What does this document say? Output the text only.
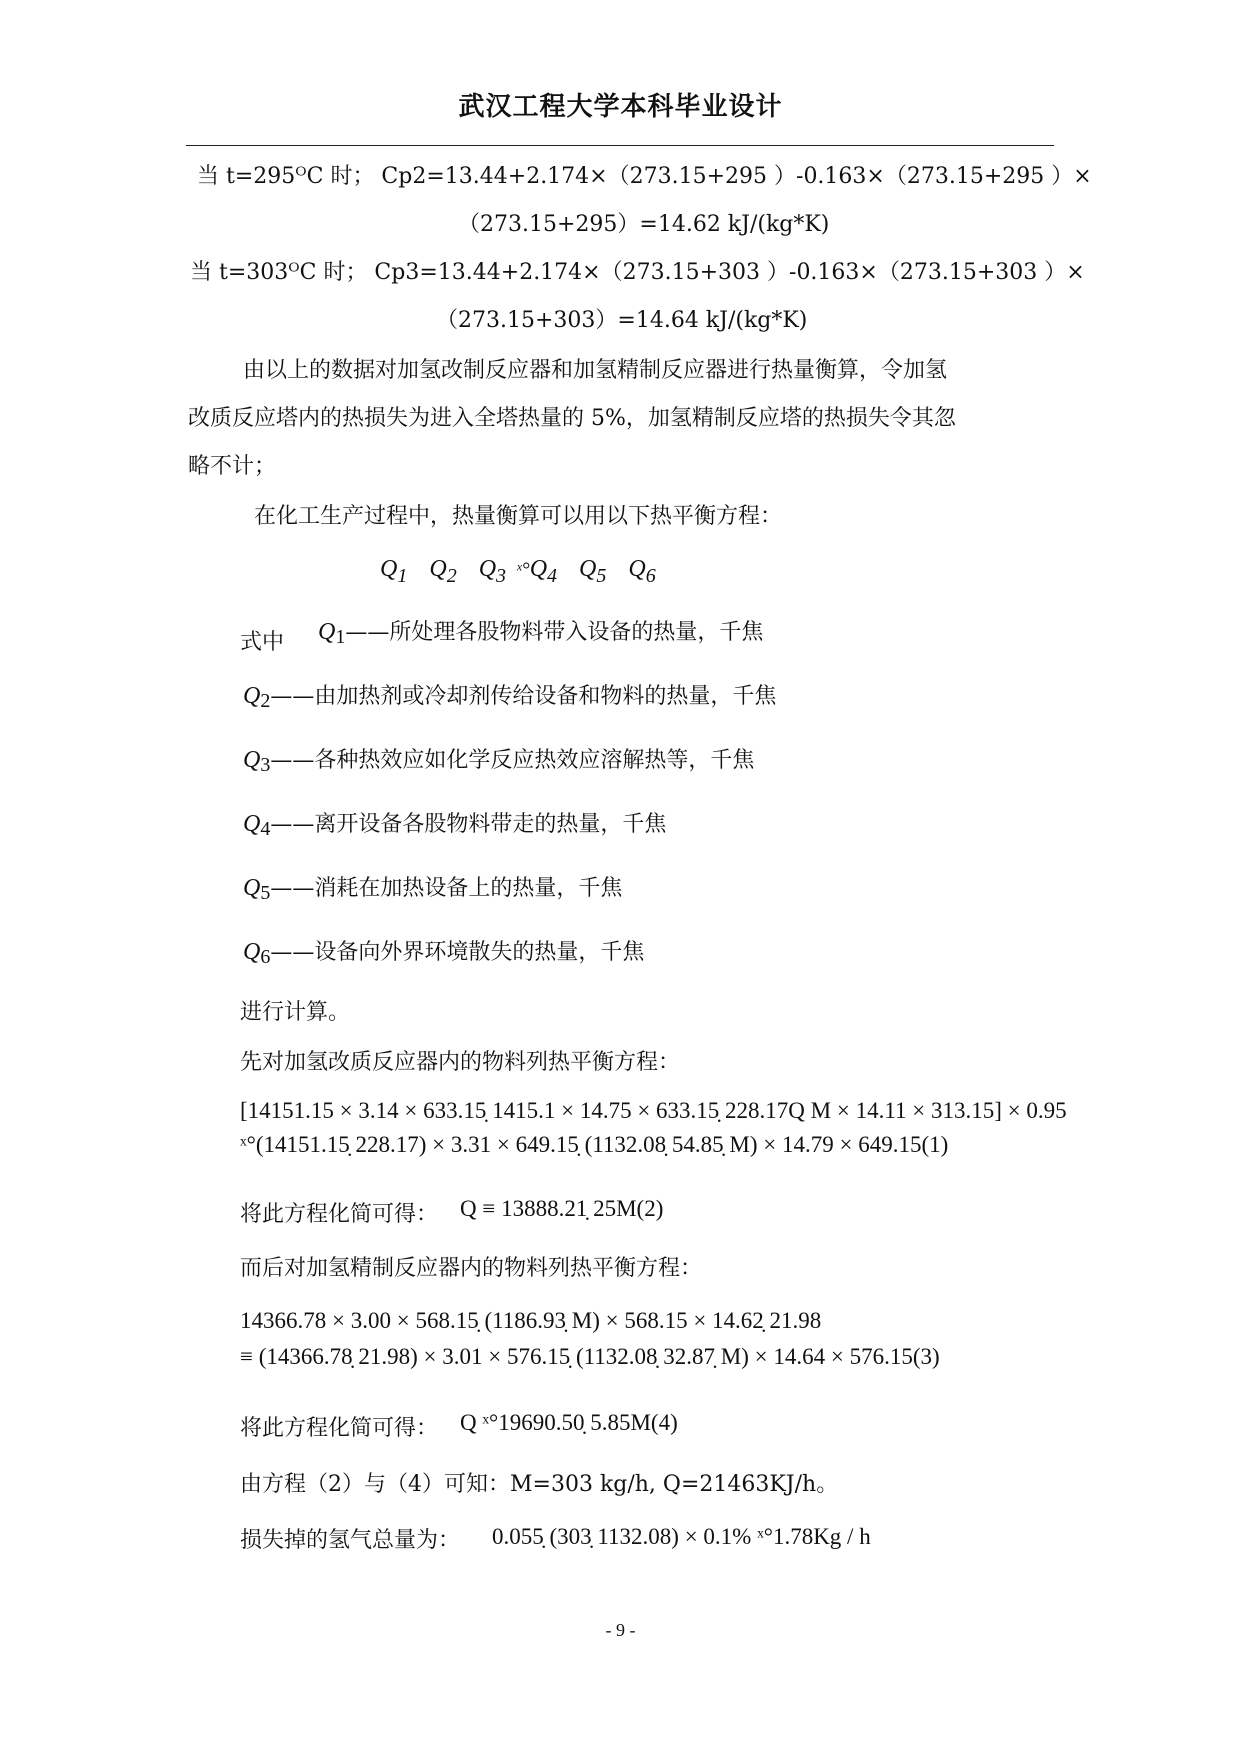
武汉工程大学本科毕业设计
当 t=295ᴼC 时； Cp2=13.44+2.174×（273.15+295 ）-0.163×（273.15+295 ）×
（273.15+295）=14.62 kJ/(kg*K)
当 t=303ᴼC 时； Cp3=13.44+2.174×（273.15+303 ）-0.163×（273.15+303 ）×
（273.15+303）=14.64 kJ/(kg*K)
由以上的数据对加氢改制反应器和加氢精制反应器进行热量衡算，令加氢
改质反应塔内的热损失为进入全塔热量的 5%，加氢精制反应塔的热损失令其忽
略不计；
在化工生产过程中，热量衡算可以用以下热平衡方程：
$Q_1$ $Q_2$ $Q_3$ $ˣ^\circ Q_4$ $Q_5$ $Q_6$
式中 $Q_1——$所处理各股物料带入设备的热量，千焦
$Q_2——$由加热剂或冷却剂传给设备和物料的热量，千焦
$Q_3——$各种热效应如化学反应热效应溶解热等，千焦
$Q_4——$离开设备各股物料带走的热量，千焦
$Q_5——$消耗在加热设备上的热量，千焦
$Q_6——$设备向外界环境散失的热量，千焦
进行计算。
先对加氢改质反应器内的物料列热平衡方程：
[14151.15 × 3.14 × 633.15̣ 1415.1 × 14.75 × 633.15̣ 228.17Q M × 14.11 × 313.15] × 0.95
ˣ°(14151.15̣ 228.17) × 3.31 × 649.15̣ (1132.08̣ 54.85̣ M) × 14.79 × 649.15(1)
将此方程化简可得： Q ≡ 13888.21̣ 25M(2)
而后对加氢精制反应器内的物料列热平衡方程：
14366.78 × 3.00 × 568.15̣ (1186.93̣ M) × 568.15 × 14.62̣ 21.98
≡ (14366.78̣ 21.98) × 3.01 × 576.15̣ (1132.08̣ 32.87̣ M) × 14.64 × 576.15(3)
将此方程化简可得： Q ˣ°19690.50̣ 5.85M(4)
由方程（2）与（4）可知：M=303 kg/h, Q=21463KJ/h。
损失掉的氢气总量为： 0.055̣ (303̣ 1132.08) × 0.1% ˣ°1.78Kg / h
- 9 -
